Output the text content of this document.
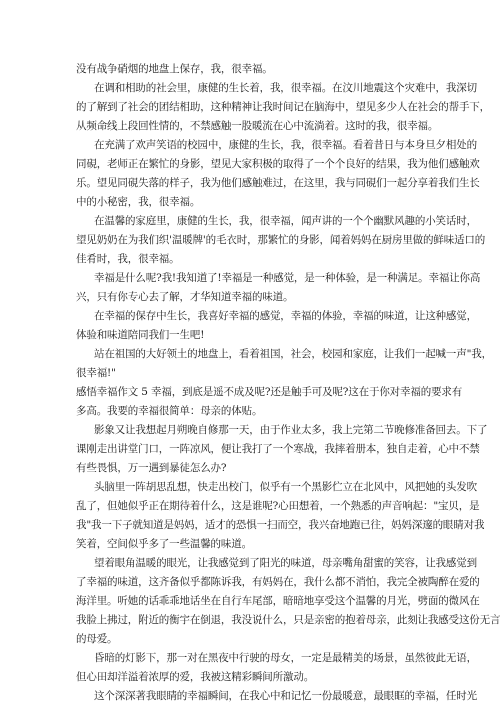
没有战争硝烟的地盘上保存，我，很幸福。
在调和相助的社会里，康健的生长着，我，很幸福。在汶川地震这个灾难中，我深切
的了解到了社会的团结相助，这种精神让我时间记在脑海中，望见多少人在社会的帮手下，
从频命线上段回性情的，不禁感触一股暖流在心中流淌着。这时的我，很幸福。
在充满了欢声笑语的校园中，康健的生长，我，很幸福。看着昔日与本身旦夕相处的
同硯，老师正在繁忙的身影，望见大家积极的取得了一个个良好的结果，我为他们感触欢
乐。望见同硯失落的样子，我为他们感触难过，在这里，我与同硯们一起分享着我们生长
中的小秘密，我，很幸福。
在温馨的家庭里，康健的生长，我，很幸福，闻声讲的一个个幽默风趣的小笑话时，
望见奶奶在为我们织'温暖牌'的毛衣时，那繁忙的身影，闻着妈妈在厨房里做的鲜味适口的
佳肴时，我，很幸福。
幸福是什么呢?我!我知道了!幸福是一种感觉，是一种体验，是一种满足。幸福让你高
兴，只有你专心去了解，才华知道幸福的味道。
在幸福的保存中生长，我喜好幸福的感觉，幸福的体验，幸福的味道，让这种感觉，
体验和味道陪同我们一生吧!
站在祖国的大好领土的地盘上，看着祖国，社会，校园和家庭，让我们一起喊一声"我，
很幸福!"
感悟幸福作文 5 幸福，到底是遥不成及呢?还是触手可及呢?这在于你对幸福的要求有
多高。我要的幸福很简单：母亲的体贴。
影象又让我想起月朔晚自修那一天，由于作业太多，我上完第二节晚修准备回去。下了
课刚走出讲堂门口，一阵凉风，便让我打了一个寒战，我摔着册本，独自走着，心中不禁
有些畏惧，万一遇到暴徒怎么办?
头脑里一阵胡思乱想，快走出校门，似乎有一个黑影伫立在北风中，风把她的头发吹
乱了，但她似乎正在期待着什么，这是谁呢?心田想着，一个熟悉的声音响起："宝贝，是
我"我一下子就知道是妈妈，适才的恐惧一扫而空，我兴奋地跑已往，妈妈深邃的眼睛对我
笑着，空间似乎多了一些温馨的味道。
望着眼角温暖的眼光，让我感觉到了阳光的味道，母亲嘴角甜蜜的笑容，让我感觉到
了幸福的味道，这齐备似乎都陈诉我，有妈妈在，我什么都不消怕，我完全被陶醉在爱的
海洋里。听她的话乖乖地话坐在自行车尾部，暗暗地享受这个温馨的月光，劈面的微风在
我脸上拂过，附近的衡宇在倒退，我没说什么，只是亲密的抱着母亲，此刻让我感受这份无言
的母爱。
昏暗的灯影下，那一对在黑夜中行驶的母女，一定是最精美的场景，虽然彼此无语，
但心田却洋溢着浓厚的爱，我被这精彩瞬间所激动。
这个深深著我眼睛的幸福瞬间，在我心中和记忆一份最暖意，最眼眶的幸福，任时光
